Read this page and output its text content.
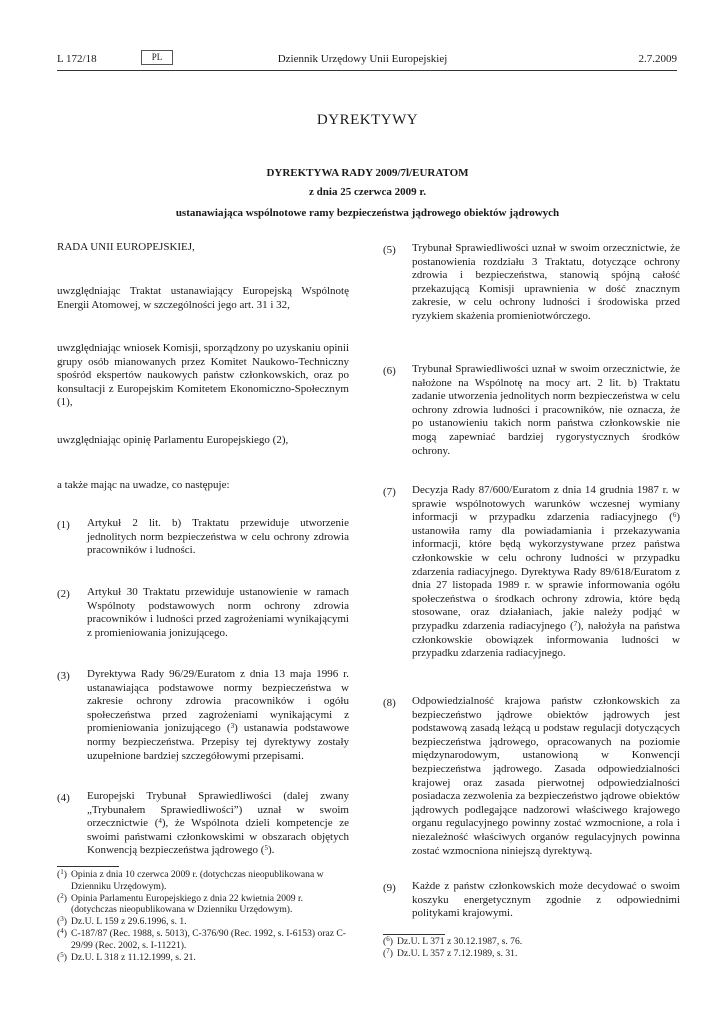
L 172/18	PL	Dziennik Urzędowy Unii Europejskiej	2.7.2009
DYREKTYWY
DYREKTYWA RADY 2009/7l/EURATOM
z dnia 25 czerwca 2009 r.
ustanawiająca wspólnotowe ramy bezpieczeństwa jądrowego obiektów jądrowych

RADA UNII EUROPEJSKIEJ,

uwzględniając Traktat ustanawiający Europejską Wspólnotę Energii Atomowej, w szczególności jego art. 31 i 32,

uwzględniając wniosek Komisji, sporządzony po uzyskaniu opinii grupy osób mianowanych przez Komitet Naukowo-Techniczny spośród ekspertów naukowych państw członkowskich, oraz po konsultacji z Europejskim Komitetem Ekonomiczno-Społecznym (1),

uwzględniając opinię Parlamentu Europejskiego (2),

a także mając na uwadze, co następuje:

(1) Artykuł 2 lit. b) Traktatu przewiduje utworzenie jednolitych norm bezpieczeństwa w celu ochrony zdrowia pracowników i ludności.

(2) Artykuł 30 Traktatu przewiduje ustanowienie w ramach Wspólnoty podstawowych norm ochrony zdrowia pracowników i ludności przed zagrożeniami wynikającymi z promieniowania jonizującego.

(3) Dyrektywa Rady 96/29/Euratom z dnia 13 maja 1996 r. ustanawiająca podstawowe normy bezpieczeństwa w zakresie ochrony zdrowia pracowników i ogółu społeczeństwa przed zagrożeniami wynikającymi z promieniowania jonizującego ($^3$) ustanawia podstawowe normy bezpieczeństwa. Przepisy tej dyrektywy zostały uzupełnione bardziej szczegółowymi przepisami.

(4) Europejski Trybunał Sprawiedliwości (dalej zwany „Trybunałem Sprawiedliwości”) uznał w swoim orzecznictwie ($^4$), że Wspólnota dzieli kompetencje ze swoimi państwami członkowskimi w obszarach objętych Konwencją bezpieczeństwa jądrowego ($^5$).

($^1$) Opinia z dnia 10 czerwca 2009 r. (dotychczas nieopublikowana w Dzienniku Urzędowym).
($^2$) Opinia Parlamentu Europejskiego z dnia 22 kwietnia 2009 r. (dotychczas nieopublikowana w Dzienniku Urzędowym).
($^3$) Dz.U. L 159 z 29.6.1996, s. 1.
($^4$) C-187/87 (Rec. 1988, s. 5013), C-376/90 (Rec. 1992, s. I-6153) oraz C-29/99 (Rec. 2002, s. I-11221).
($^5$) Dz.U. L 318 z 11.12.1999, s. 21.
(5) Trybunał Sprawiedliwości uznał w swoim orzecznictwie, że postanowienia rozdziału 3 Traktatu, dotyczące ochrony zdrowia i bezpieczeństwa, stanowią spójną całość przekazującą Komisji uprawnienia w dość znacznym zakresie, w celu ochrony ludności i środowiska przed ryzykiem skażenia promieniotwórczego.

(6) Trybunał Sprawiedliwości uznał w swoim orzecznictwie, że nałożone na Wspólnotę na mocy art. 2 lit. b) Traktatu zadanie utworzenia jednolitych norm bezpieczeństwa w celu ochrony zdrowia ludności i pracowników, nie oznacza, że po ustanowieniu takich norm państwa członkowskie nie mogą zapewniać bardziej rygorystycznych środków ochrony.

(7) Decyzja Rady 87/600/Euratom z dnia 14 grudnia 1987 r. w sprawie wspólnotowych warunków wczesnej wymiany informacji w przypadku zdarzenia radiacyjnego ($^6$) ustanowiła ramy dla powiadamiania i przekazywania informacji, które będą wykorzystywane przez państwa członkowskie w celu ochrony ludności w przypadku zdarzenia radiacyjnego. Dyrektywa Rady 89/618/Euratom z dnia 27 listopada 1989 r. w sprawie informowania ogółu społeczeństwa o środkach ochrony zdrowia, które będą stosowane, oraz działaniach, jakie należy podjąć w przypadku zdarzenia radiacyjnego ($^7$), nałożyła na państwa członkowskie obowiązek informowania ludności w przypadku zdarzenia radiacyjnego.

(8) Odpowiedzialność krajowa państw członkowskich za bezpieczeństwo jądrowe obiektów jądrowych jest podstawową zasadą leżącą u podstaw regulacji dotyczących bezpieczeństwa jądrowego, opracowanych na poziomie międzynarodowym, ustanowioną w Konwencji bezpieczeństwa jądrowego. Zasada odpowiedzialności krajowej oraz zasada pierwotnej odpowiedzialności posiadacza zezwolenia za bezpieczeństwo jądrowe obiektów jądrowych podlegające nadzorowi właściwego krajowego organu regulacyjnego powinny zostać wzmocnione, a rola i niezależność właściwych organów regulacyjnych powinna zostać wzmocniona niniejszą dyrektywą.

(9) Każde z państw członkowskich może decydować o swoim koszyku energetycznym zgodnie z odpowiednimi politykami krajowymi.

($^6$) Dz.U. L 371 z 30.12.1987, s. 76.
($^7$) Dz.U. L 357 z 7.12.1989, s. 31.
